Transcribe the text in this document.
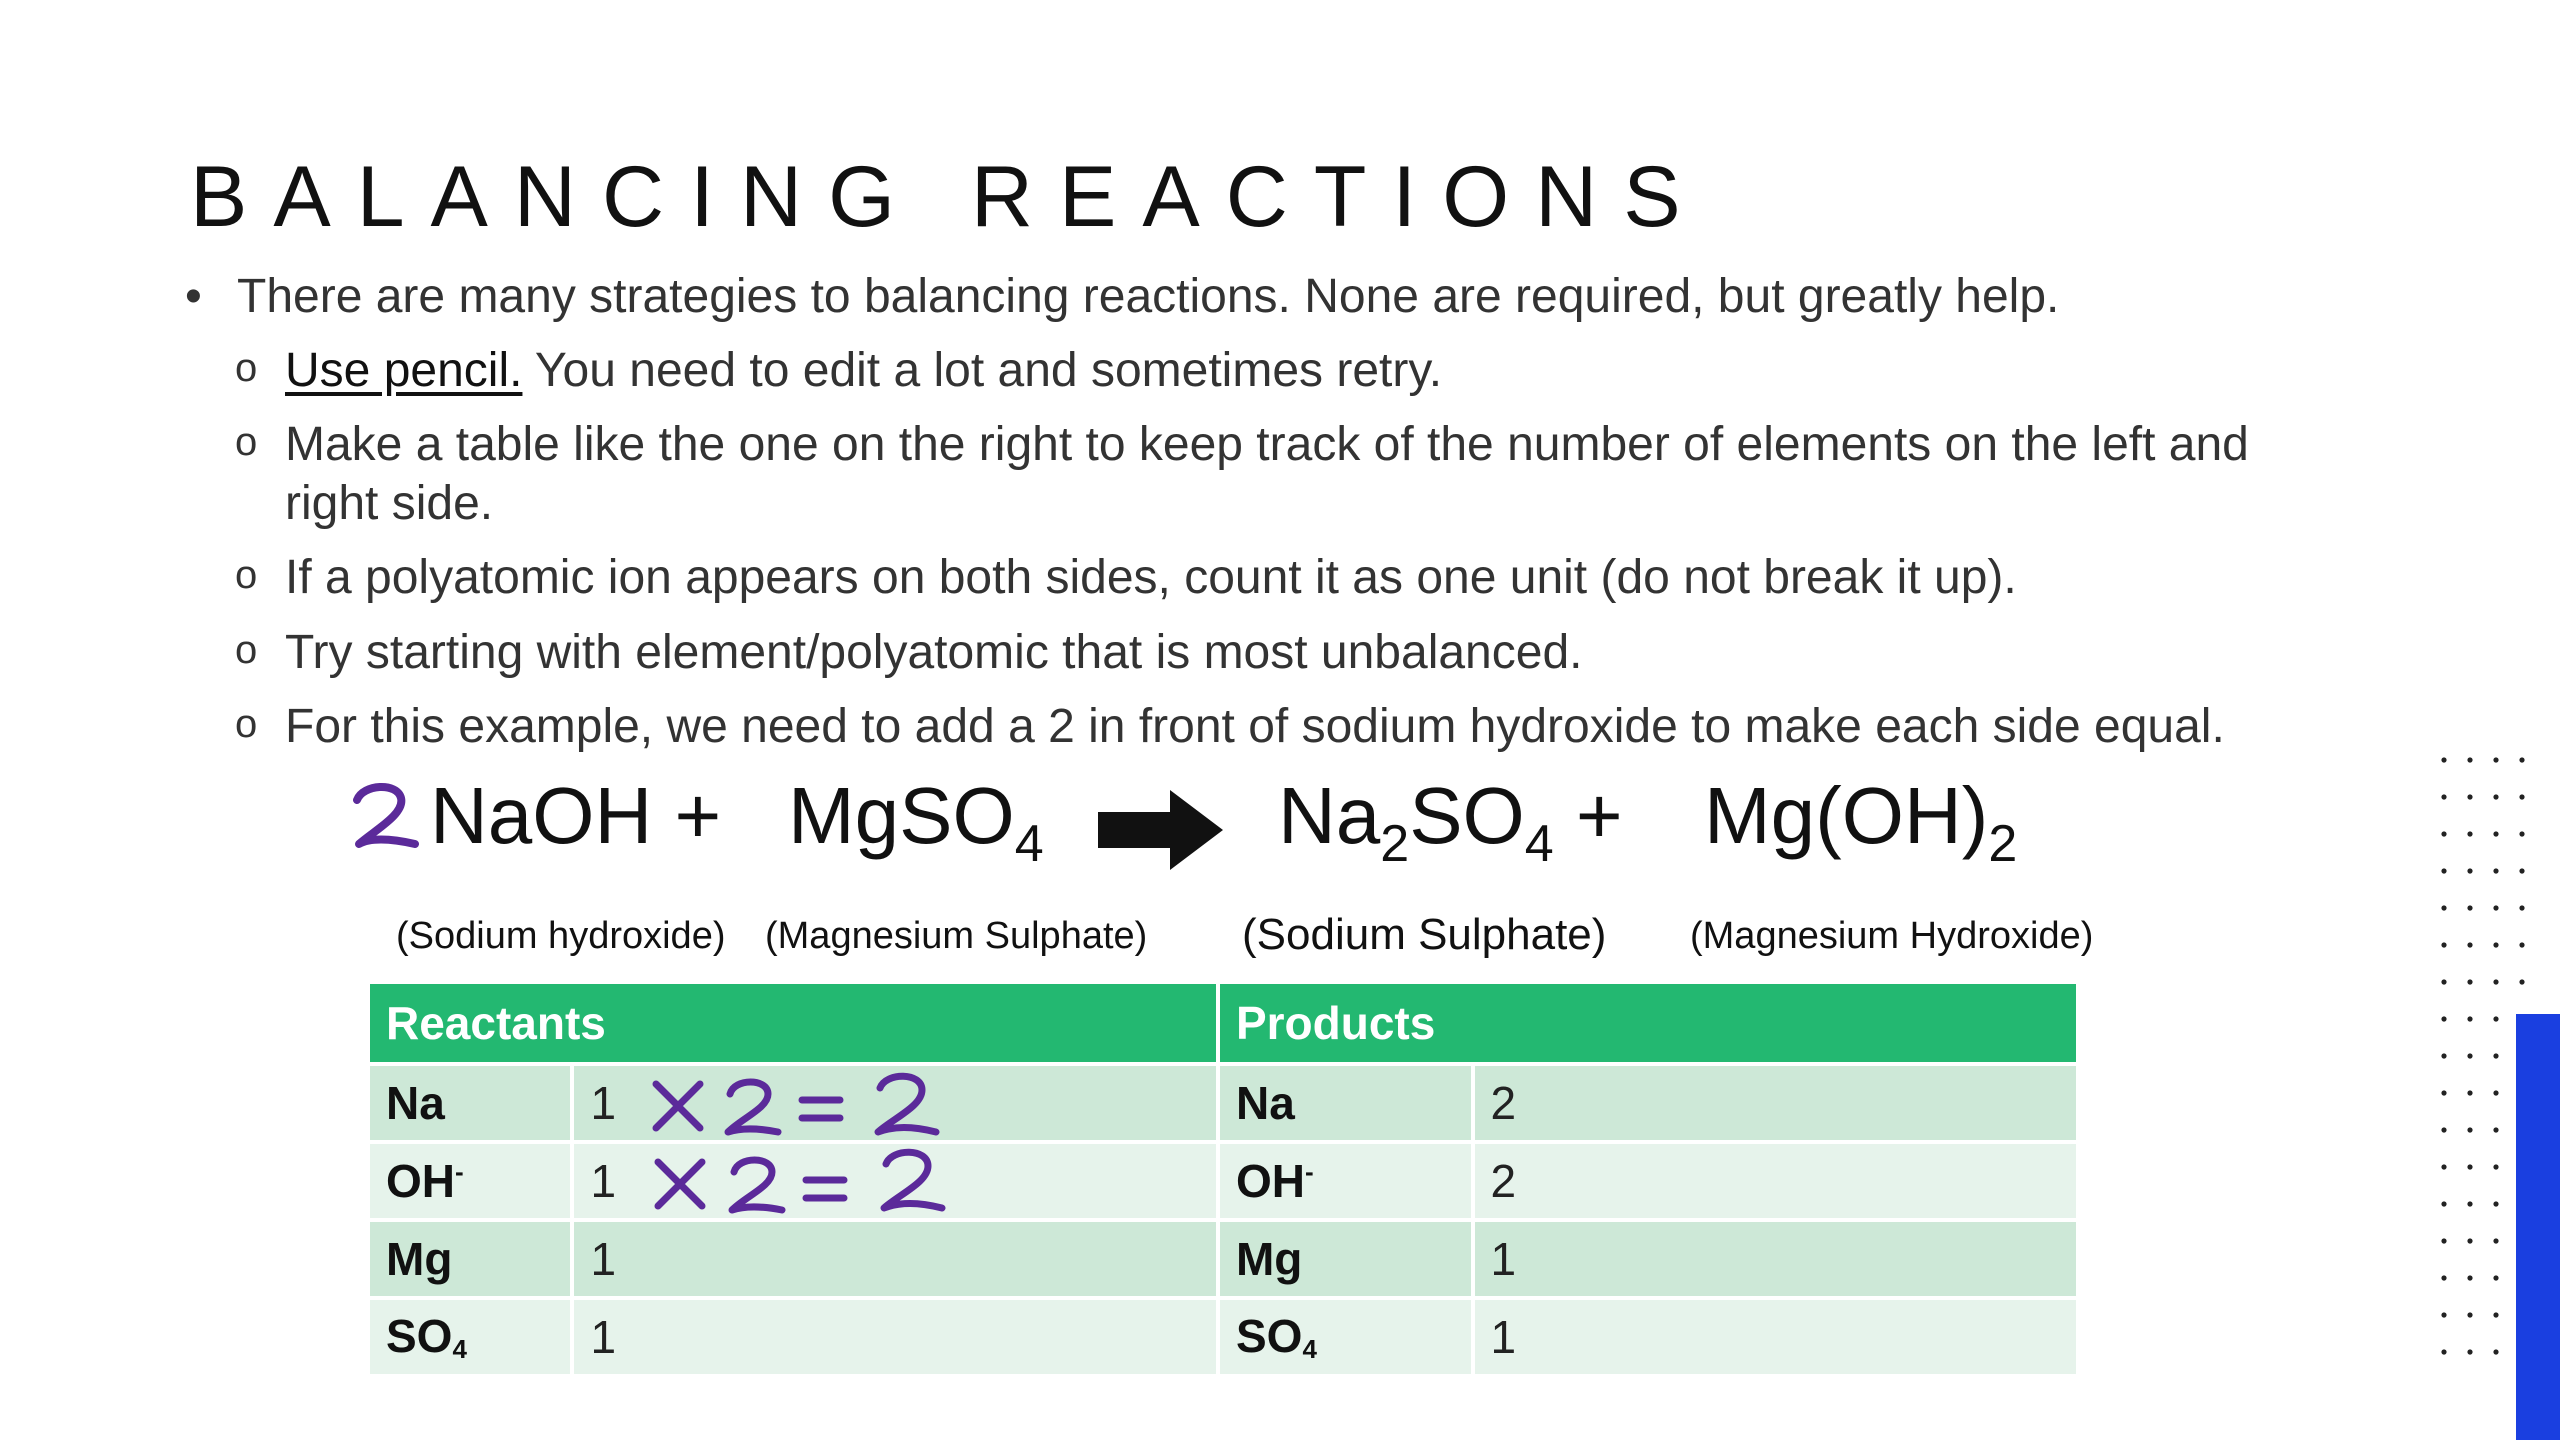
BALANCING REACTIONS
• There are many strategies to balancing reactions. None are required, but greatly help.
o Use pencil. You need to edit a lot and sometimes retry.
o Make a table like the one on the right to keep track of the number of elements on the left and right side.
o If a polyatomic ion appears on both sides, count it as one unit (do not break it up).
o Try starting with element/polyatomic that is most unbalanced.
o For this example, we need to add a 2 in front of sodium hydroxide to make each side equal.
NaOH + MgSO$_4$	$Na_2SO_4 + Mg(OH)_2$
(Sodium hydroxide) (Magnesium Sulphate) (Sodium Sulphate) (Magnesium Hydroxide)
Reactants		Products	
Na	1	Na	2
OH-	1	OH-	2
Mg	1	Mg	1
$SO_4$	1	$SO_4$	1
